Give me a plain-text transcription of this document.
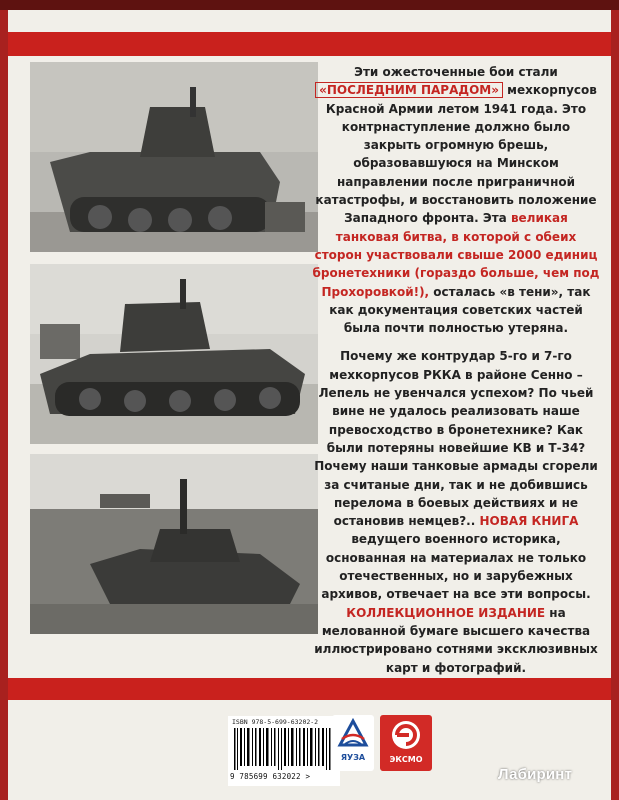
ISBN 978-5-699-63202-2
9 785699 632022 >
ЯУЗА	ЭКСМО

Эти ожесточенные бои стали «ПОСЛЕДНИМ ПАРАДОМ» мехкорпусов Красной Армии летом 1941 года. Это контрнаступление должно было закрыть огромную брешь, образовавшуюся на Минском направлении после приграничной катастрофы, и восстановить положение Западного фронта. Эта великая танковая битва, в которой с обеих сторон участвовали свыше 2000 единиц бронетехники (гораздо больше, чем под Прохоровкой!), осталась «в тени», так как документация советских частей была почти полностью утеряна.

Почему же контрудар 5-го и 7-го мехкорпусов РККА в районе Сенно – Лепель не увенчался успехом? По чьей вине не удалось реализовать наше превосходство в бронетехнике? Как были потеряны новейшие КВ и Т-34? Почему наши танковые армады сгорели за считаные дни, так и не добившись перелома в боевых действиях и не остановив немцев?.. НОВАЯ КНИГА ведущего военного историка, основанная на материалах не только отечественных, но и зарубежных архивов, отвечает на все эти вопросы. КОЛЛЕКЦИОННОЕ ИЗДАНИЕ на мелованной бумаге высшего качества иллюстрировано сотнями эксклюзивных карт и фотографий.

Лабиринт
